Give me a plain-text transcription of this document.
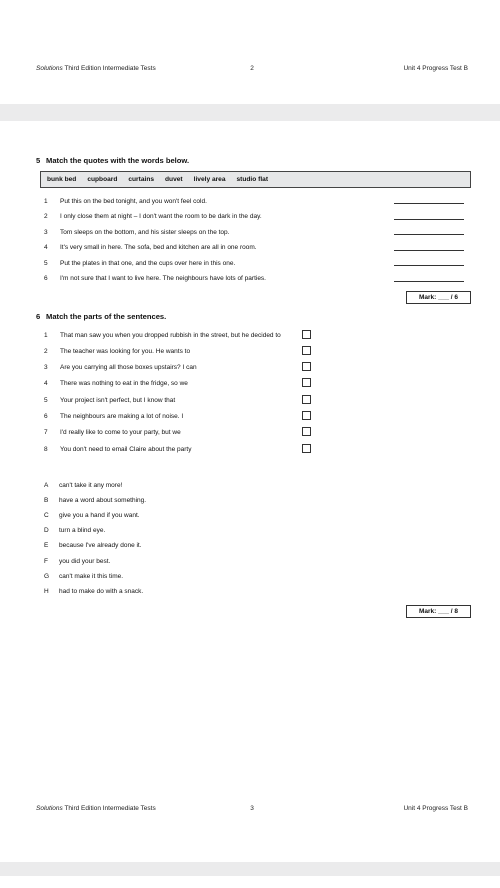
Solutions Third Edition Intermediate Tests	2	Unit 4 Progress Test B
5 Match the quotes with the words below.
bunk bed cupboard curtains duvet lively area studio flat
1	Put this on the bed tonight, and you won't feel cold.
2	I only close them at night – I don't want the room to be dark in the day.
3	Tom sleeps on the bottom, and his sister sleeps on the top.
4	It's very small in here. The sofa, bed and kitchen are all in one room.
5	Put the plates in that one, and the cups over here in this one.
6	I'm not sure that I want to live here. The neighbours have lots of parties.
Mark: ___ / 6
6 Match the parts of the sentences.
1	That man saw you when you dropped rubbish in the street, but he decided to
2	The teacher was looking for you. He wants to
3	Are you carrying all those boxes upstairs? I can
4	There was nothing to eat in the fridge, so we
5	Your project isn't perfect, but I know that
6	The neighbours are making a lot of noise. I
7	I'd really like to come to your party, but we
8	You don't need to email Claire about the party
A	can't take it any more!
B	have a word about something.
C	give you a hand if you want.
D	turn a blind eye.
E	because I've already done it.
F	you did your best.
G	can't make it this time.
H	had to make do with a snack.
Mark: ___ / 8
Solutions Third Edition Intermediate Tests	3	Unit 4 Progress Test B
